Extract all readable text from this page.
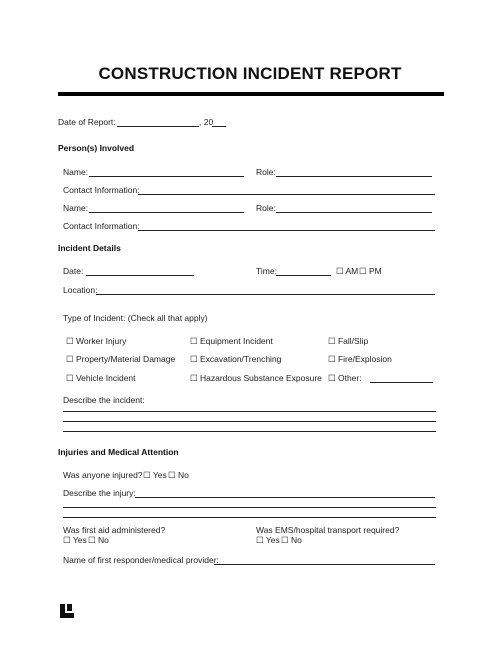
CONSTRUCTION INCIDENT REPORT
Date of Report:	, 20
Person(s) Involved
Name:	Role:
Contact Information:
Name:	Role:
Contact Information:
Incident Details
Date:	Time:	☐ AM ☐ PM
Location:
Type of Incident: (Check all that apply)
☐ Worker Injury	☐ Equipment Incident	☐ Fall/Slip
☐ Property/Material Damage ☐ Excavation/Trenching	☐ Fire/Explosion
☐ Vehicle Incident	☐ Hazardous Substance Exposure ☐ Other:
Describe the incident:
Injuries and Medical Attention
Was anyone injured? ☐ Yes ☐ No
Describe the injury:
Was first aid administered?
☐ Yes ☐ No
Was EMS/hospital transport required?
☐ Yes ☐ No
Name of first responder/medical provider:
